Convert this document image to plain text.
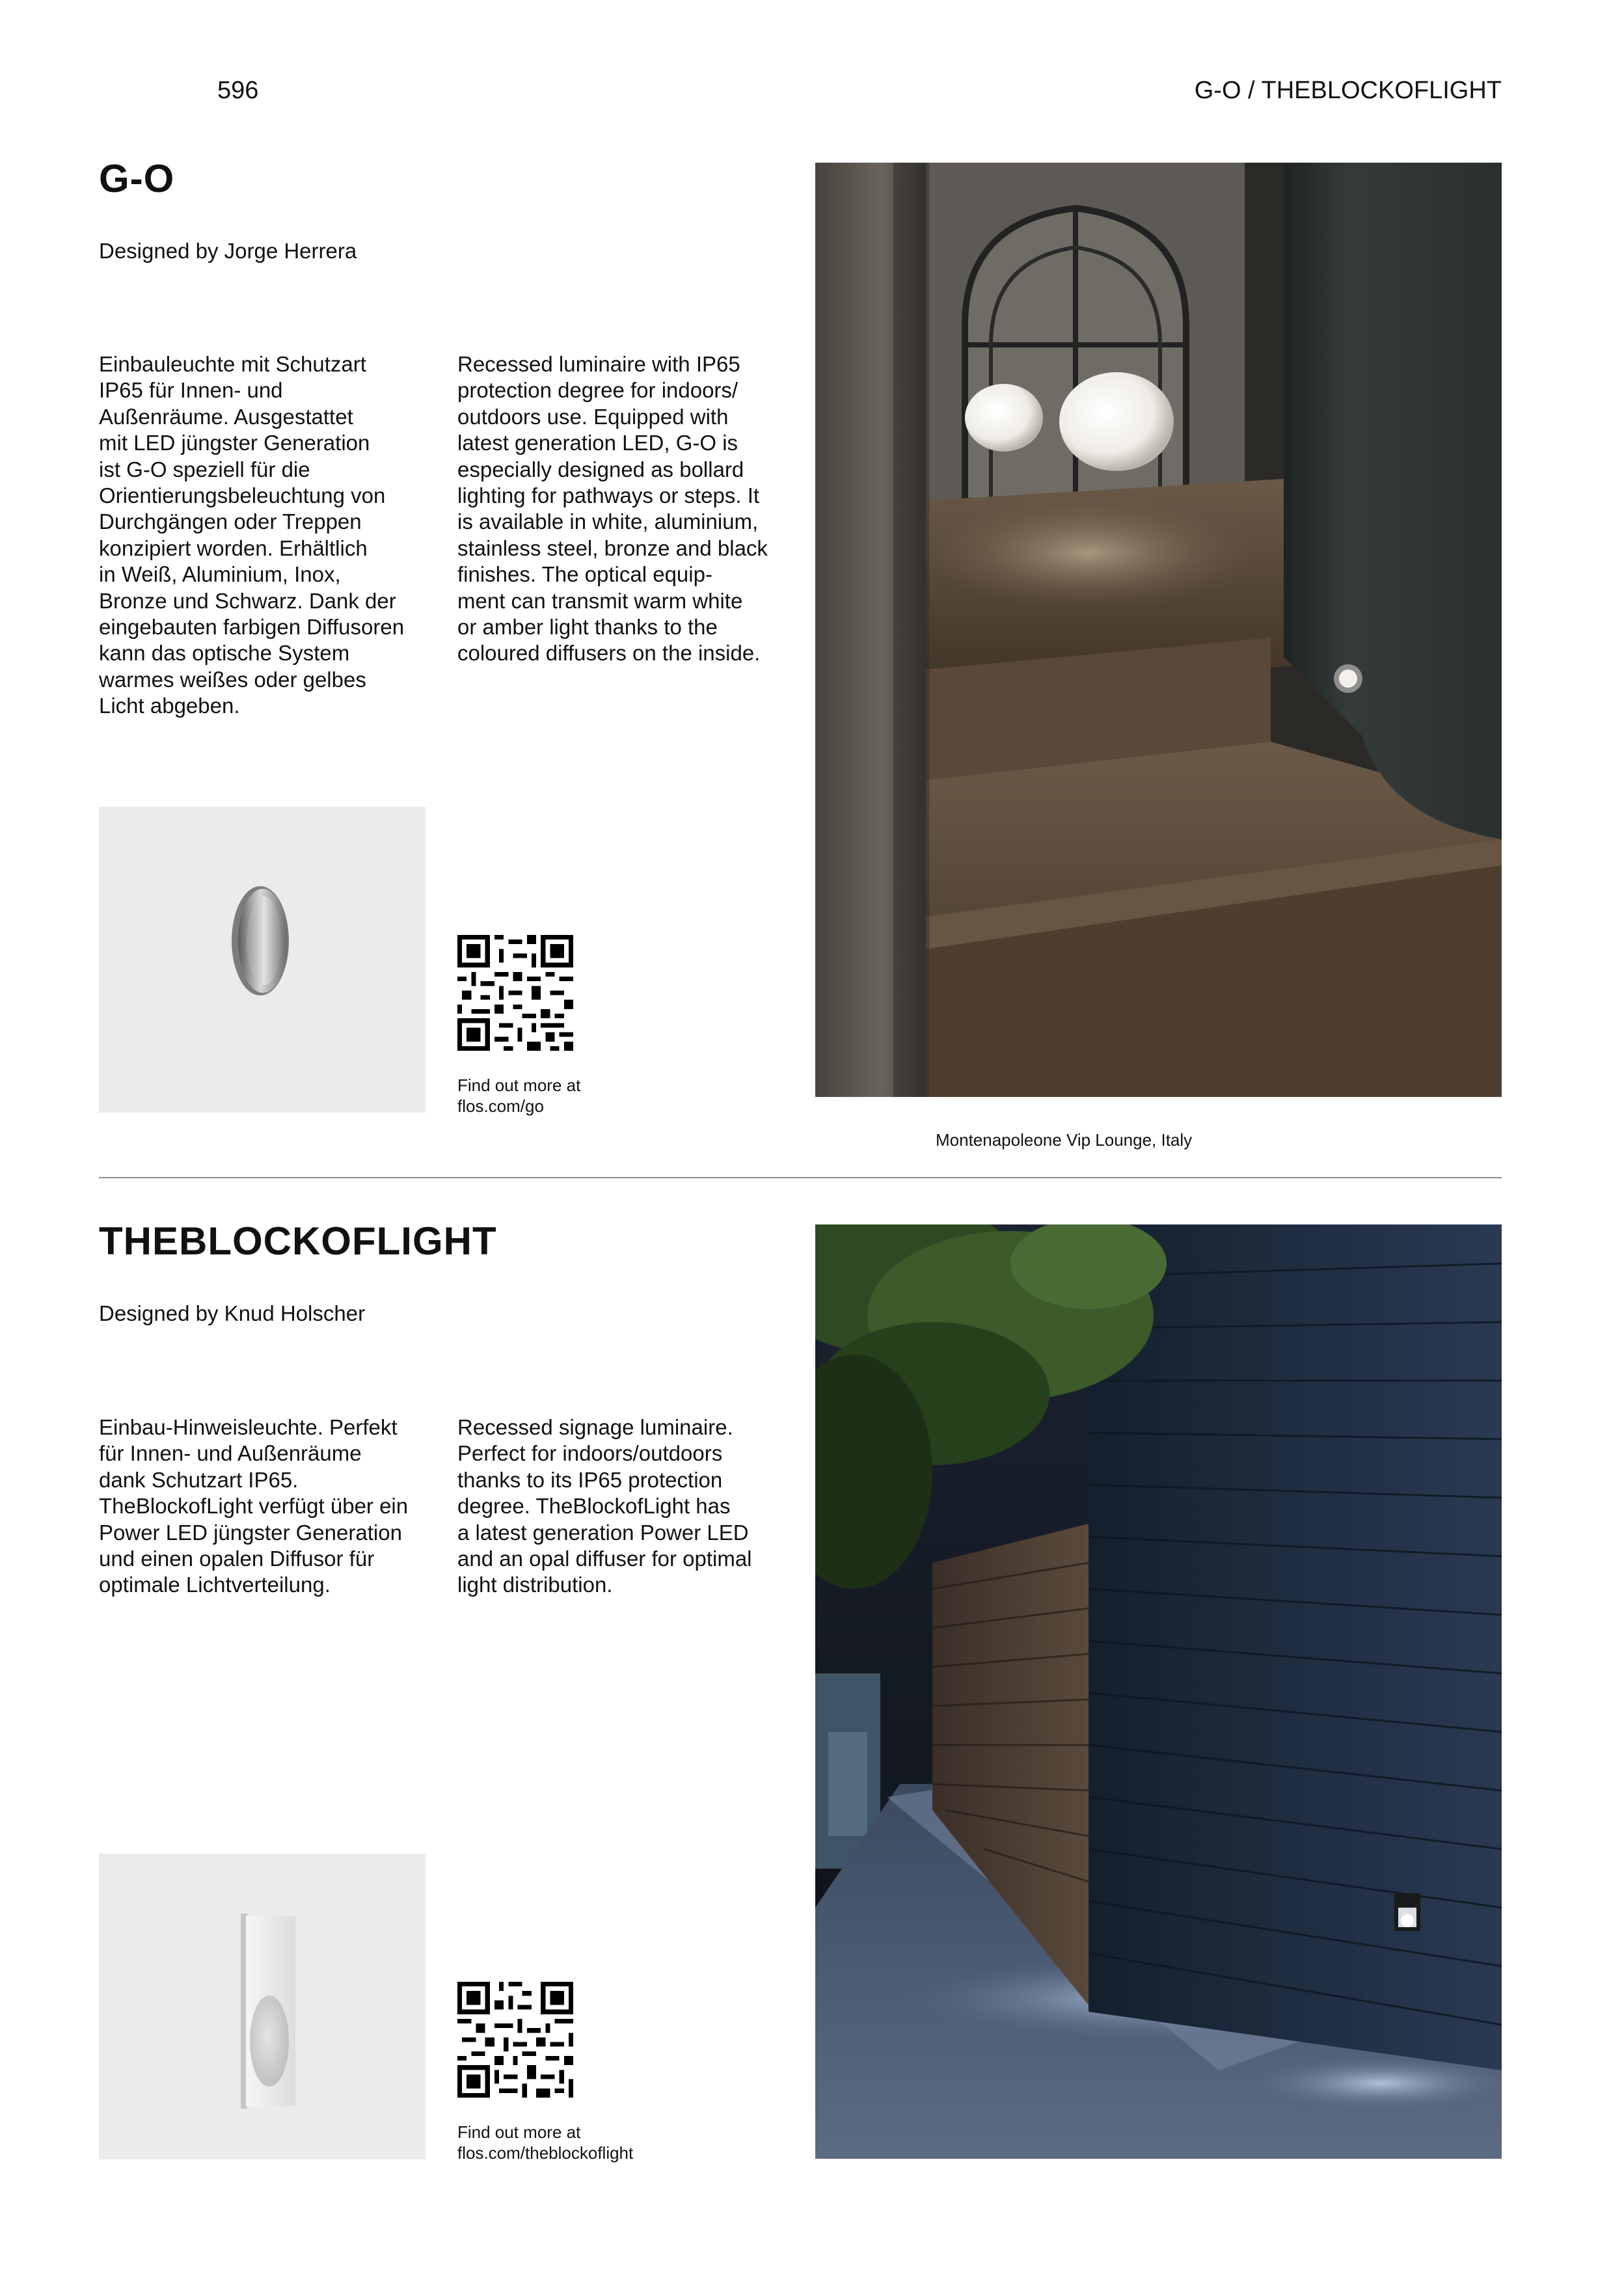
596	G-O / THEBLOCKOFLIGHT
G-O
Designed by Jorge Herrera
Einbauleuchte mit Schutzart
IP65 für Innen- und
Außenräume. Ausgestattet
mit LED jüngster Generation
ist G-O speziell für die
Orientierungsbeleuchtung von
Durchgängen oder Treppen
konzipiert worden. Erhältlich
in Weiß, Aluminium, Inox,
Bronze und Schwarz. Dank der
eingebauten farbigen Diffusoren
kann das optische System
warmes weißes oder gelbes
Licht abgeben.
Recessed luminaire with IP65
protection degree for indoors/
outdoors use. Equipped with
latest generation LED, G-O is
especially designed as bollard
lighting for pathways or steps. It
is available in white, aluminium,
stainless steel, bronze and black
finishes. The optical equip-
ment can transmit warm white
or amber light thanks to the
coloured diffusers on the inside.
Find out more at
flos.com/go
Montenapoleone Vip Lounge, Italy
THEBLOCKOFLIGHT
Designed by Knud Holscher
Einbau-Hinweisleuchte. Perfekt
für Innen- und Außenräume
dank Schutzart IP65.
TheBlockofLight verfügt über ein
Power LED jüngster Generation
und einen opalen Diffusor für
optimale Lichtverteilung.
Recessed signage luminaire.
Perfect for indoors/outdoors
thanks to its IP65 protection
degree. TheBlockofLight has
a latest generation Power LED
and an opal diffuser for optimal
light distribution.
Find out more at
flos.com/theblockoflight
